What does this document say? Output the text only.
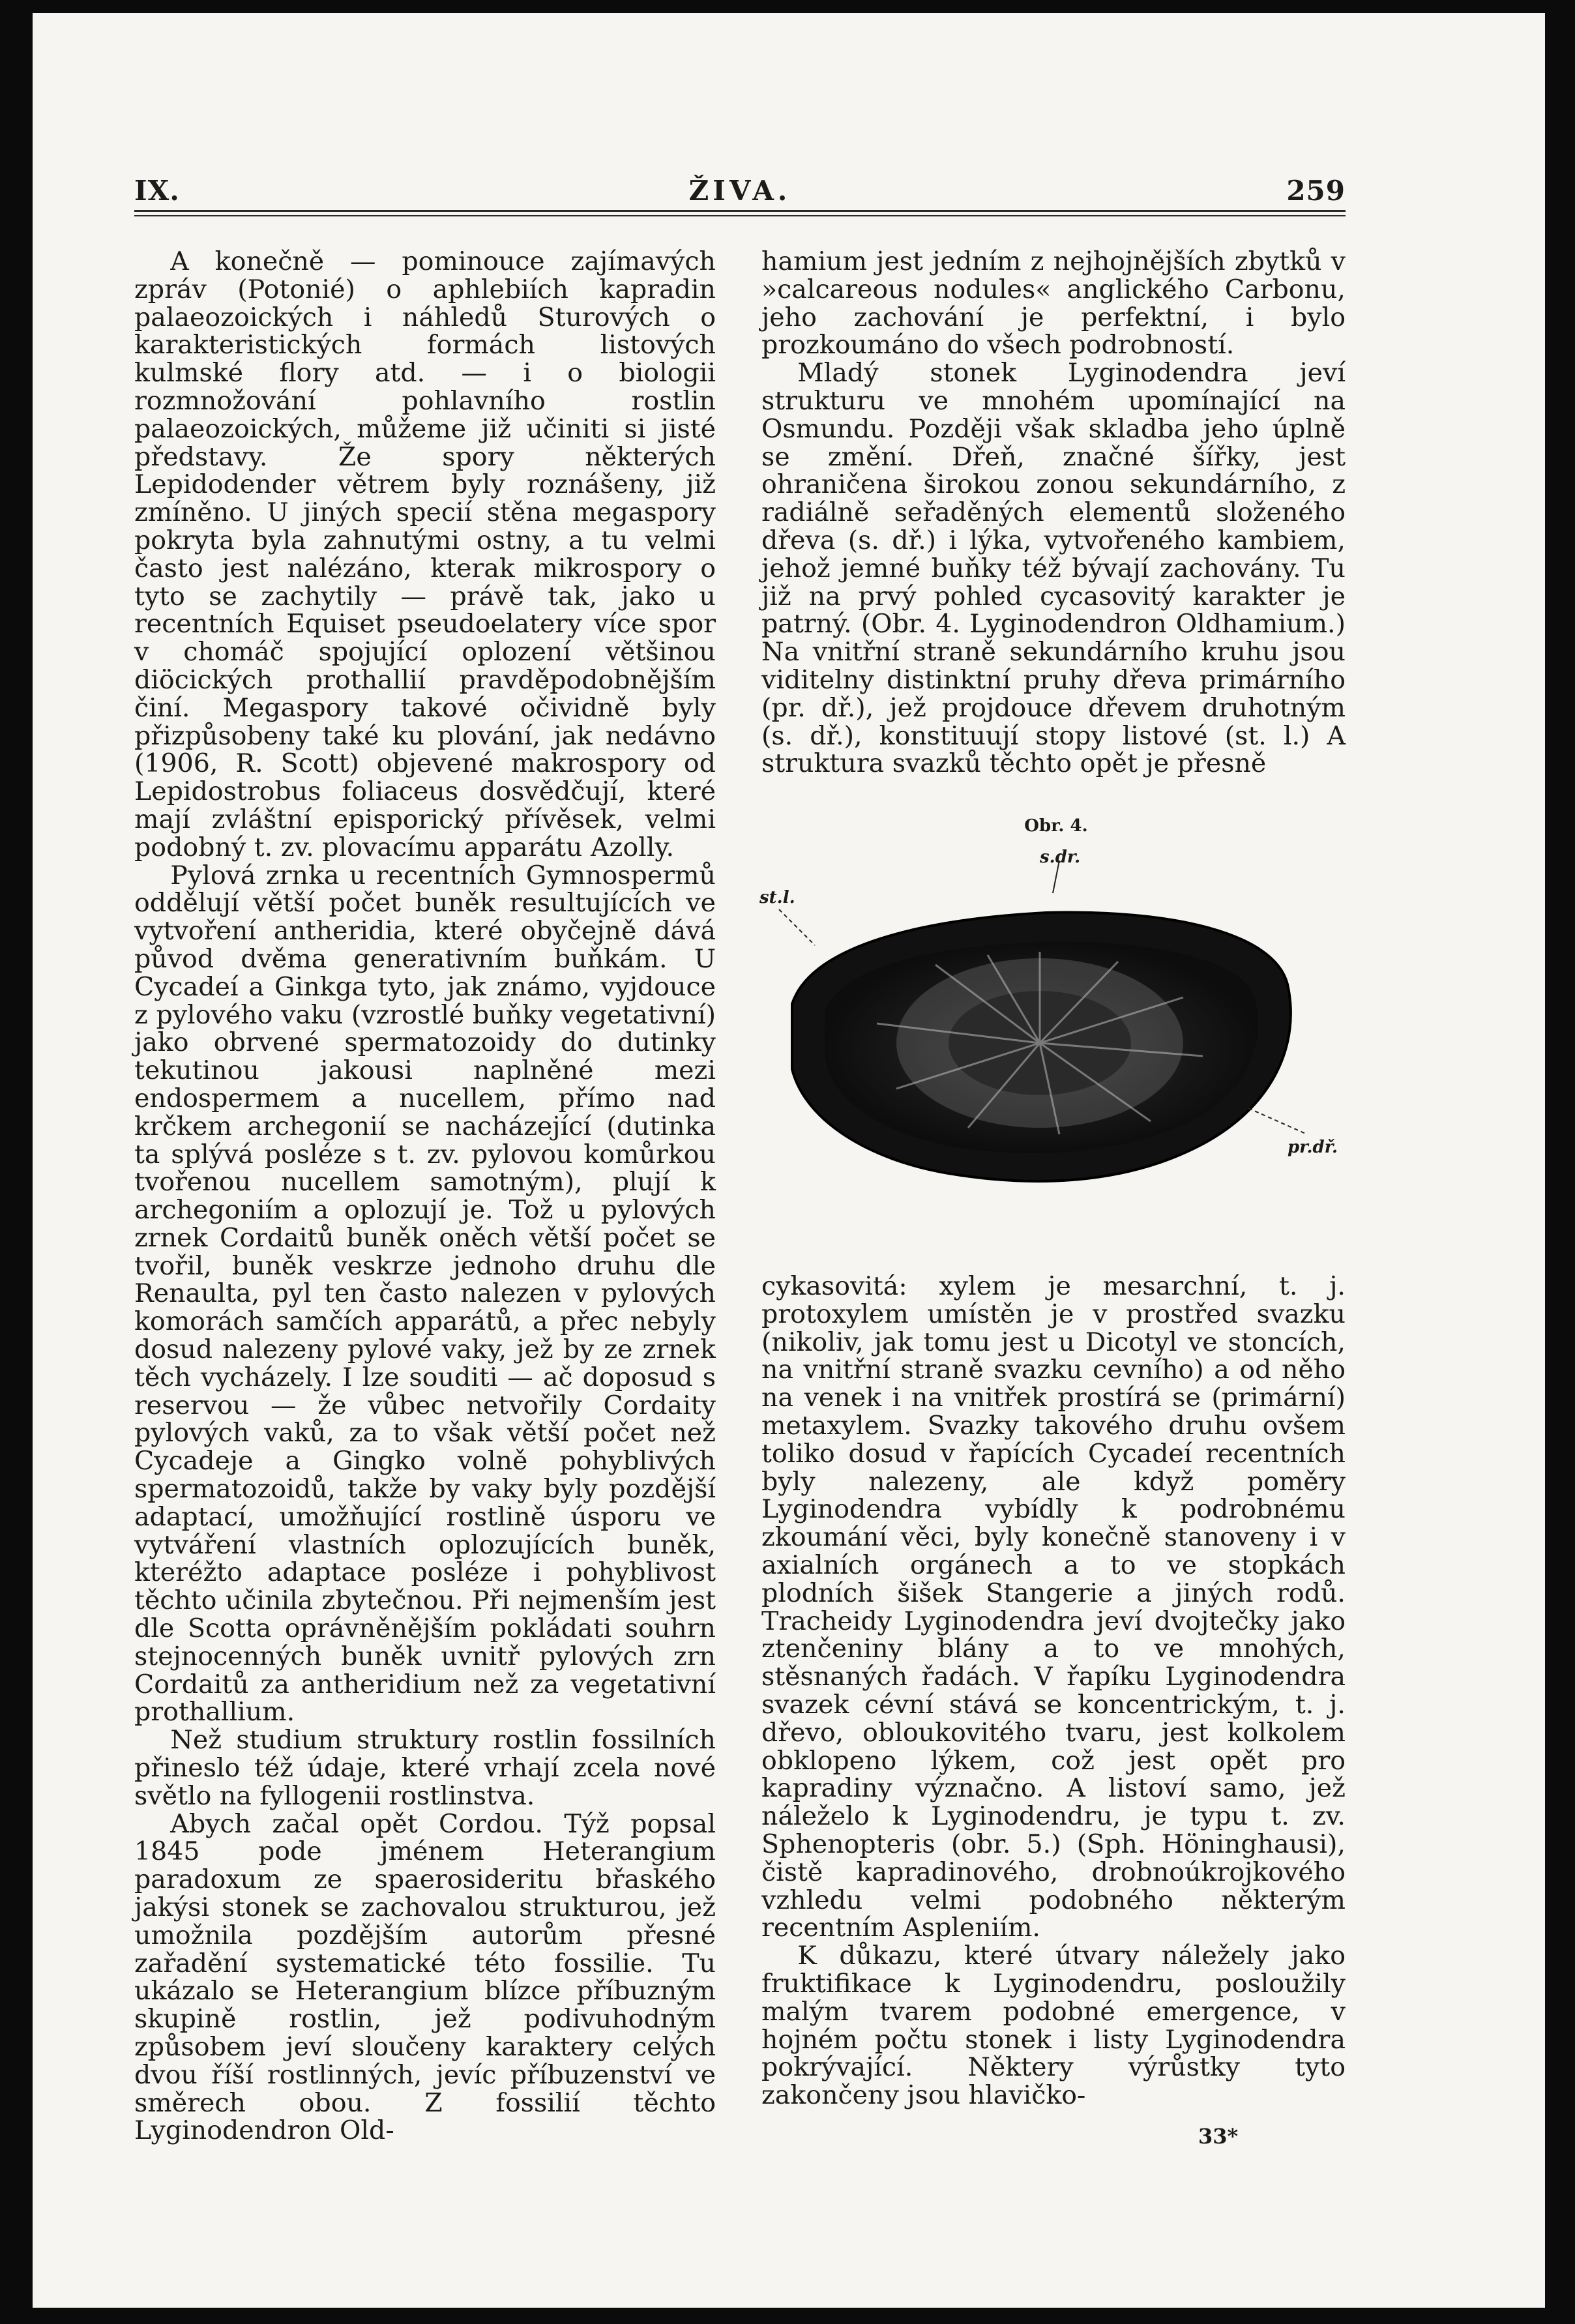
IX.	ŽIVA.	259

A konečně — pominouce zajímavých zpráv (Potonié) o aphlebiích kapradin palaeozoických i náhledů Sturových o karakteristických formách listových kulmské flory atd. — i o biologii rozmnožování pohlavního rostlin palaeozoických, můžeme již učiniti si jisté představy. Že spory některých Lepidodender větrem byly roznášeny, již zmíněno. U jiných specií stěna megaspory pokryta byla zahnutými ostny, a tu velmi často jest nalézáno, kterak mikrospory o tyto se zachytily — právě tak, jako u recentních Equiset pseudoelatery více spor v chomáč spojující oplození většinou diöcických prothallií pravděpodobnějším činí. Megaspory takové očividně byly přizpůsobeny také ku plování, jak nedávno (1906, R. Scott) objevené makrospory od Lepidostrobus foliaceus dosvědčují, které mají zvláštní episporický přívěsek, velmi podobný t. zv. plovacímu apparátu Azolly.

Pylová zrnka u recentních Gymnospermů oddělují větší počet buněk resultujících ve vytvoření antheridia, které obyčejně dává původ dvěma generativním buňkám. U Cycadeí a Ginkga tyto, jak známo, vyjdouce z pylového vaku (vzrostlé buňky vegetativní) jako obrvené spermatozoidy do dutinky tekutinou jakousi naplněné mezi endospermem a nucellem, přímo nad krčkem archegonií se nacházející (dutinka ta splývá posléze s t. zv. pylovou komůrkou tvořenou nucellem samotným), plují k archegoniím a oplozují je. Tož u pylových zrnek Cordaitů buněk oněch větší počet se tvořil, buněk veskrze jednoho druhu dle Renaulta, pyl ten často nalezen v pylových komorách samčích apparátů, a přec nebyly dosud nalezeny pylové vaky, jež by ze zrnek těch vycházely. I lze souditi — ač doposud s reservou — že vůbec netvořily Cordaity pylových vaků, za to však větší počet než Cycadeje a Gingko volně pohyblivých spermatozoidů, takže by vaky byly pozdější adaptací, umožňující rostlině úsporu ve vytváření vlastních oplozujících buněk, kteréžto adaptace posléze i pohyblivost těchto učinila zbytečnou. Při nejmenším jest dle Scotta oprávněnějším pokládati souhrn stejnocenných buněk uvnitř pylových zrn Cordaitů za antheridium než za vegetativní prothallium.

Než studium struktury rostlin fossilních přineslo též údaje, které vrhají zcela nové světlo na fyllogenii rostlinstva.

Abych začal opět Cordou. Týž popsal 1845 pode jménem Heterangium paradoxum ze spaerosideritu břaského jakýsi stonek se zachovalou strukturou, jež umožnila pozdějším autorům přesné zařadění systematické této fossilie. Tu ukázalo se Heterangium blízce příbuzným skupině rostlin, jež podivuhodným způsobem jeví sloučeny karaktery celých dvou říší rostlinných, jevíc příbuzenství ve směrech obou. Z fossilií těchto Lyginodendron Old-

hamium jest jedním z nejhojnějších zbytků v »calcareous nodules« anglického Carbonu, jeho zachování je perfektní, i bylo prozkoumáno do všech podrobností.

Mladý stonek Lyginodendra jeví strukturu ve mnohém upomínající na Osmundu. Později však skladba jeho úplně se změní. Dřeň, značné šířky, jest ohraničena širokou zonou sekundárního, z radiálně seřaděných elementů složeného dřeva (s. dř.) i lýka, vytvořeného kambiem, jehož jemné buňky též bývají zachovány. Tu již na prvý pohled cycasovitý karakter je patrný. (Obr. 4. Lyginodendron Oldhamium.) Na vnitřní straně sekundárního kruhu jsou viditelny distinktní pruhy dřeva primárního (pr. dř.), jež projdouce dřevem druhotným (s. dř.), konstituují stopy listové (st. l.) A struktura svazků těchto opět je přesně

Obr. 4.
st.l.
s.dr.
pr.dř.

cykasovitá: xylem je mesarchní, t. j. protoxylem umístěn je v prostřed svazku (nikoliv, jak tomu jest u Dicotyl ve stoncích, na vnitřní straně svazku cevního) a od něho na venek i na vnitřek prostírá se (primární) metaxylem. Svazky takového druhu ovšem toliko dosud v řapících Cycadeí recentních byly nalezeny, ale když poměry Lyginodendra vybídly k podrobnému zkoumání věci, byly konečně stanoveny i v axialních orgánech a to ve stopkách plodních šišek Stangerie a jiných rodů. Tracheidy Lyginodendra jeví dvojtečky jako ztenčeniny blány a to ve mnohých, stěsnaných řadách. V řapíku Lyginodendra svazek cévní stává se koncentrickým, t. j. dřevo, obloukovitého tvaru, jest kolkolem obklopeno lýkem, což jest opět pro kapradiny význačno. A listoví samo, jež náleželo k Lyginodendru, je typu t. zv. Sphenopteris (obr. 5.) (Sph. Höninghausi), čistě kapradinového, drobnoúkrojkového vzhledu velmi podobného některým recentním Aspleniím.

K důkazu, které útvary náležely jako fruktifikace k Lyginodendru, posloužily malým tvarem podobné emergence, v hojném počtu stonek i listy Lyginodendra pokrývající. Některy výrůstky tyto zakončeny jsou hlavičko-

33*
